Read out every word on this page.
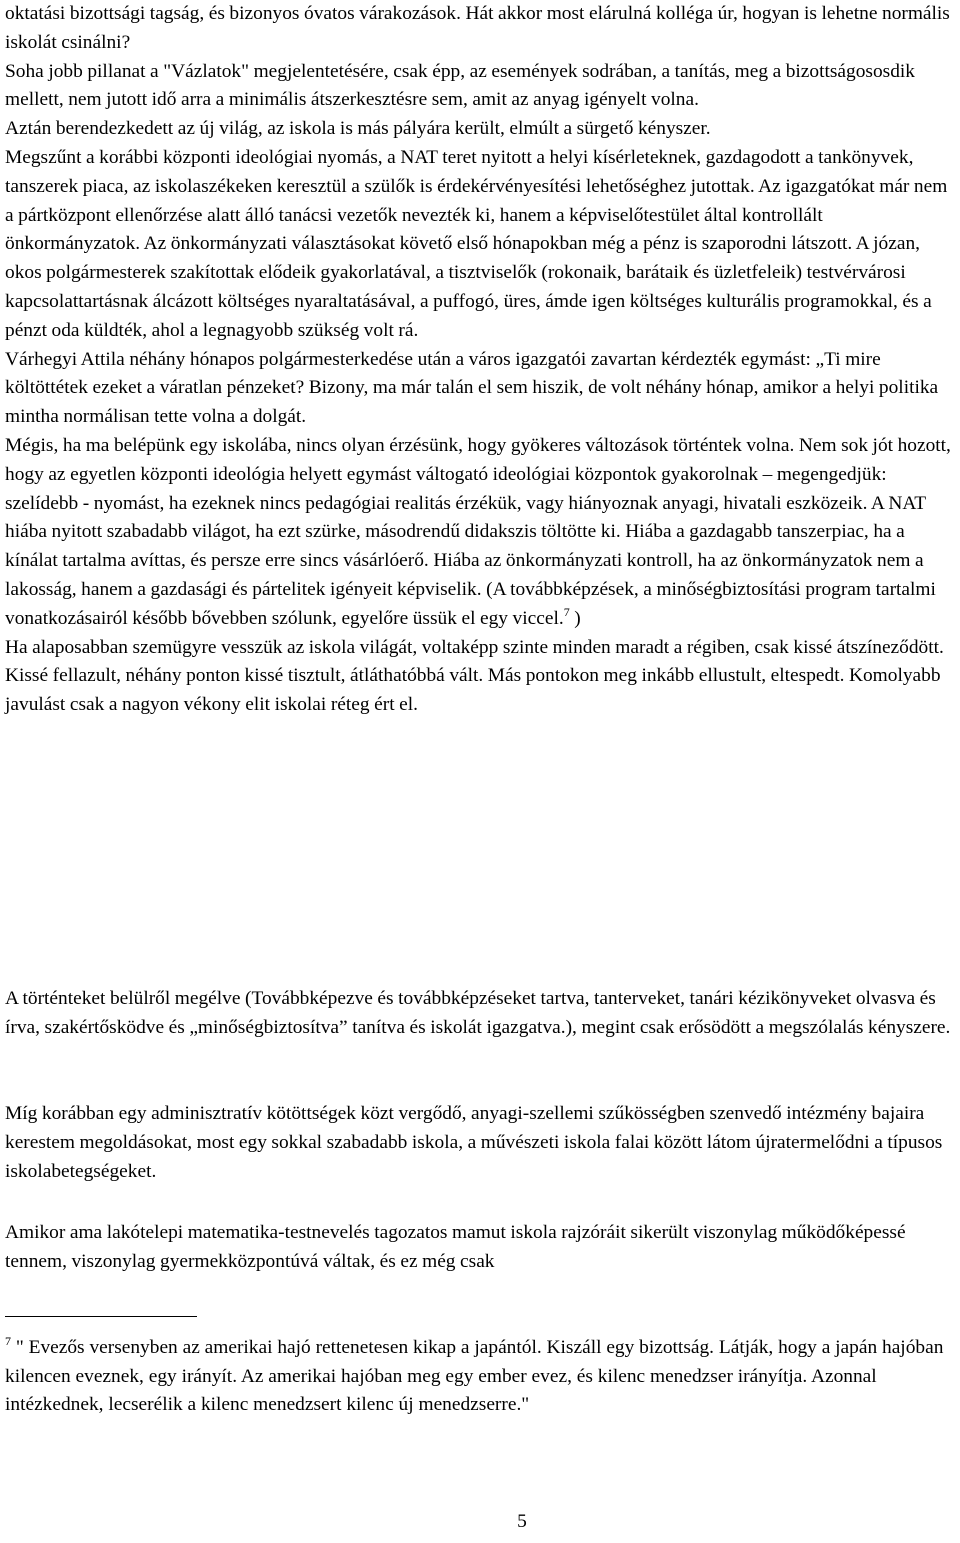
oktatási bizottsági tagság, és bizonyos óvatos várakozások. Hát akkor most elárulná kolléga úr, hogyan is lehetne normális iskolát csinálni?

Soha jobb pillanat a "Vázlatok" megjelentetésére, csak épp, az események sodrában, a tanítás, meg a bizottságososdik mellett, nem jutott idő arra a minimális átszerkesztésre sem, amit az anyag igényelt volna.

Aztán berendezkedett az új világ, az iskola is más pályára került, elmúlt a sürgető kényszer.

Megszűnt a korábbi központi ideológiai nyomás, a NAT teret nyitott a helyi kísérleteknek, gazdagodott a tankönyvek, tanszerek piaca, az iskolaszékeken keresztül a szülők is érdekérvényesítési lehetőséghez jutottak. Az igazgatókat már nem a pártközpont ellenőrzése alatt álló tanácsi vezetők nevezték ki, hanem a képviselőtestület által kontrollált önkormányzatok. Az önkormányzati választásokat követő első hónapokban még a pénz is szaporodni látszott. A józan, okos polgármesterek szakítottak elődeik gyakorlatával, a tisztviselők (rokonaik, barátaik és üzletfeleik) testvérvárosi kapcsolattartásnak álcázott költséges nyaraltatásával, a puffogó, üres, ámde igen költséges kulturális programokkal, és a pénzt oda küldték, ahol a legnagyobb szükség volt rá.

Várhegyi Attila néhány hónapos polgármesterkedése után a város igazgatói zavartan kérdezték egymást: „Ti mire költöttétek ezeket a váratlan pénzeket? Bizony, ma már talán el sem hiszik, de volt néhány hónap, amikor a helyi politika mintha normálisan tette volna a dolgát.

Mégis, ha ma belépünk egy iskolába, nincs olyan érzésünk, hogy gyökeres változások történtek volna. Nem sok jót hozott, hogy az egyetlen központi ideológia helyett egymást váltogató ideológiai központok gyakorolnak – megengedjük: szelídebb - nyomást, ha ezeknek nincs pedagógiai realitás érzékük, vagy hiányoznak anyagi, hivatali eszközeik. A NAT hiába nyitott szabadabb világot, ha ezt szürke, másodrendű didakszis töltötte ki. Hiába a gazdagabb tanszerpiac, ha a kínálat tartalma avíttas, és persze erre sincs vásárlóerő. Hiába az önkormányzati kontroll, ha az önkormányzatok nem a lakosság, hanem a gazdasági és pártelitek igényeit képviselik. (A továbbképzések, a minőségbiztosítási program tartalmi vonatkozásairól később bővebben szólunk, egyelőre üssük el egy viccel.$^7$ )

Ha alaposabban szemügyre vesszük az iskola világát, voltaképp szinte minden maradt a régiben, csak kissé átszíneződött. Kissé fellazult, néhány ponton kissé tisztult, átláthatóbbá vált. Más pontokon meg inkább ellustult, eltespedt. Komolyabb javulást csak a nagyon vékony elit iskolai réteg ért el.

A történteket belülről megélve (Továbbképezve és továbbképzéseket tartva, tanterveket, tanári kézikönyveket olvasva és írva, szakértősködve és „minőségbiztosítva” tanítva és iskolát igazgatva.), megint csak erősödött a megszólalás kényszere.

Míg korábban egy adminisztratív kötöttségek közt vergődő, anyagi-szellemi szűkösségben szenvedő intézmény bajaira kerestem megoldásokat, most egy sokkal szabadabb iskola, a művészeti iskola falai között látom újratermelődni a típusos iskolabetegségeket.

Amikor ama lakótelepi matematika-testnevelés tagozatos mamut iskola rajzóráit sikerült viszonylag működőképessé tennem, viszonylag gyermekközpontúvá váltak, és ez még csak

$^7$ " Evezős versenyben az amerikai hajó rettenetesen kikap a japántól. Kiszáll egy bizottság. Látják, hogy a japán hajóban kilencen eveznek, egy irányít. Az amerikai hajóban meg egy ember evez, és kilenc menedzser irányítja. Azonnal intézkednek, lecserélik a kilenc menedzsert kilenc új menedzserre."

5
